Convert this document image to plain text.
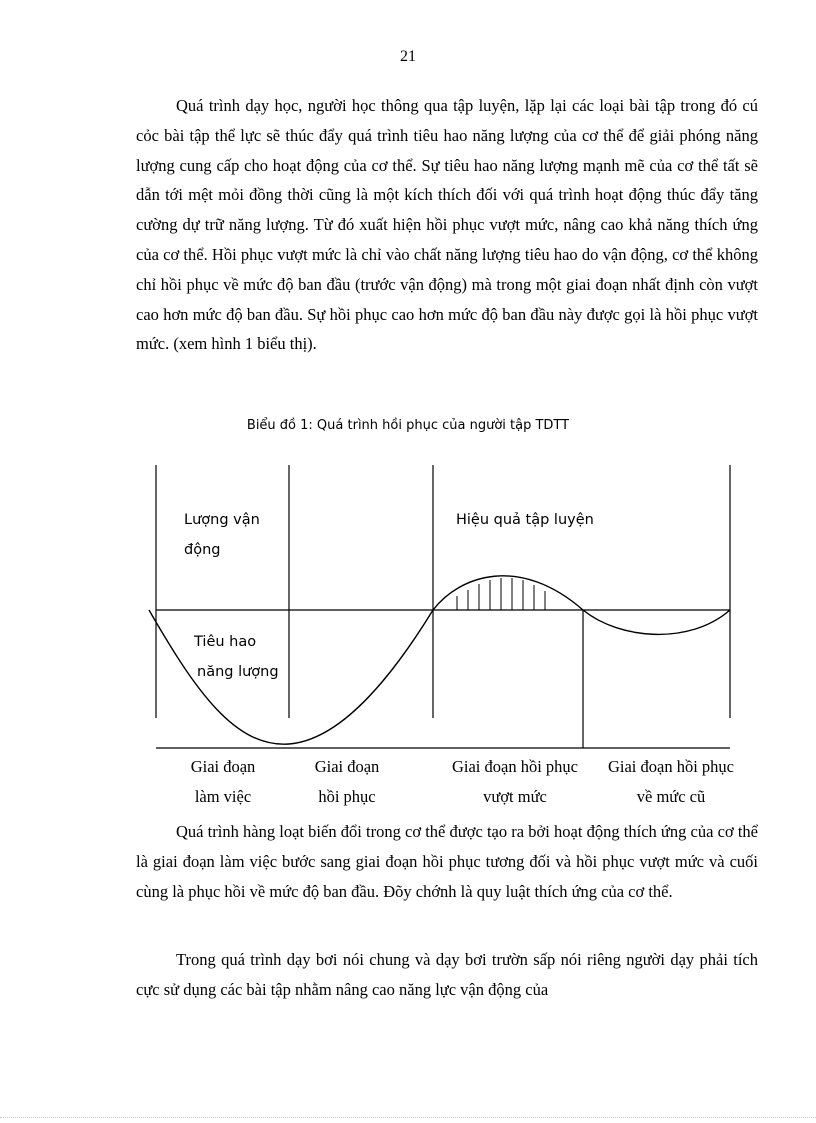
21

Quá trình dạy học, người học thông qua tập luyện, lặp lại các loại bài tập trong đó cú cỏc bài tập thể lực sẽ thúc đẩy quá trình tiêu hao năng lượng của cơ thể để giải phóng năng lượng cung cấp cho hoạt động của cơ thể. Sự tiêu hao năng lượng mạnh mẽ của cơ thể tất sẽ dẫn tới mệt mỏi đồng thời cũng là một kích thích đối với quá trình hoạt động thúc đẩy tăng cường dự trữ năng lượng. Từ đó xuất hiện hồi phục vượt mức, nâng cao khả năng thích ứng của cơ thể. Hồi phục vượt mức là chỉ vào chất năng lượng tiêu hao do vận động, cơ thể không chỉ hồi phục về mức độ ban đầu (trước vận động) mà trong một giai đoạn nhất định còn vượt cao hơn mức độ ban đầu. Sự hồi phục cao hơn mức độ ban đầu này được gọi là hồi phục vượt mức. (xem hình 1 biểu thị).

Biểu đồ 1: Quá trình hồi phục của người tập TDTT
Lượng vận
động
Hiệu quả tập luyện
Tiêu hao
năng lượng
Giai đoạn
làm việc
Giai đoạn
hồi phục
Giai đoạn hồi phục
vượt mức
Giai đoạn hồi phục
về mức cũ

Quá trình hàng loạt biến đổi trong cơ thể được tạo ra bởi hoạt động thích ứng của cơ thể là giai đoạn làm việc bước sang giai đoạn hồi phục tương đối và hồi phục vượt mức và cuối cùng là phục hồi về mức độ ban đầu. Đõy chớnh là quy luật thích ứng của cơ thể.

Trong quá trình dạy bơi nói chung và dạy bơi trườn sấp nói riêng người dạy phải tích cực sử dụng các bài tập nhằm nâng cao năng lực vận động của
